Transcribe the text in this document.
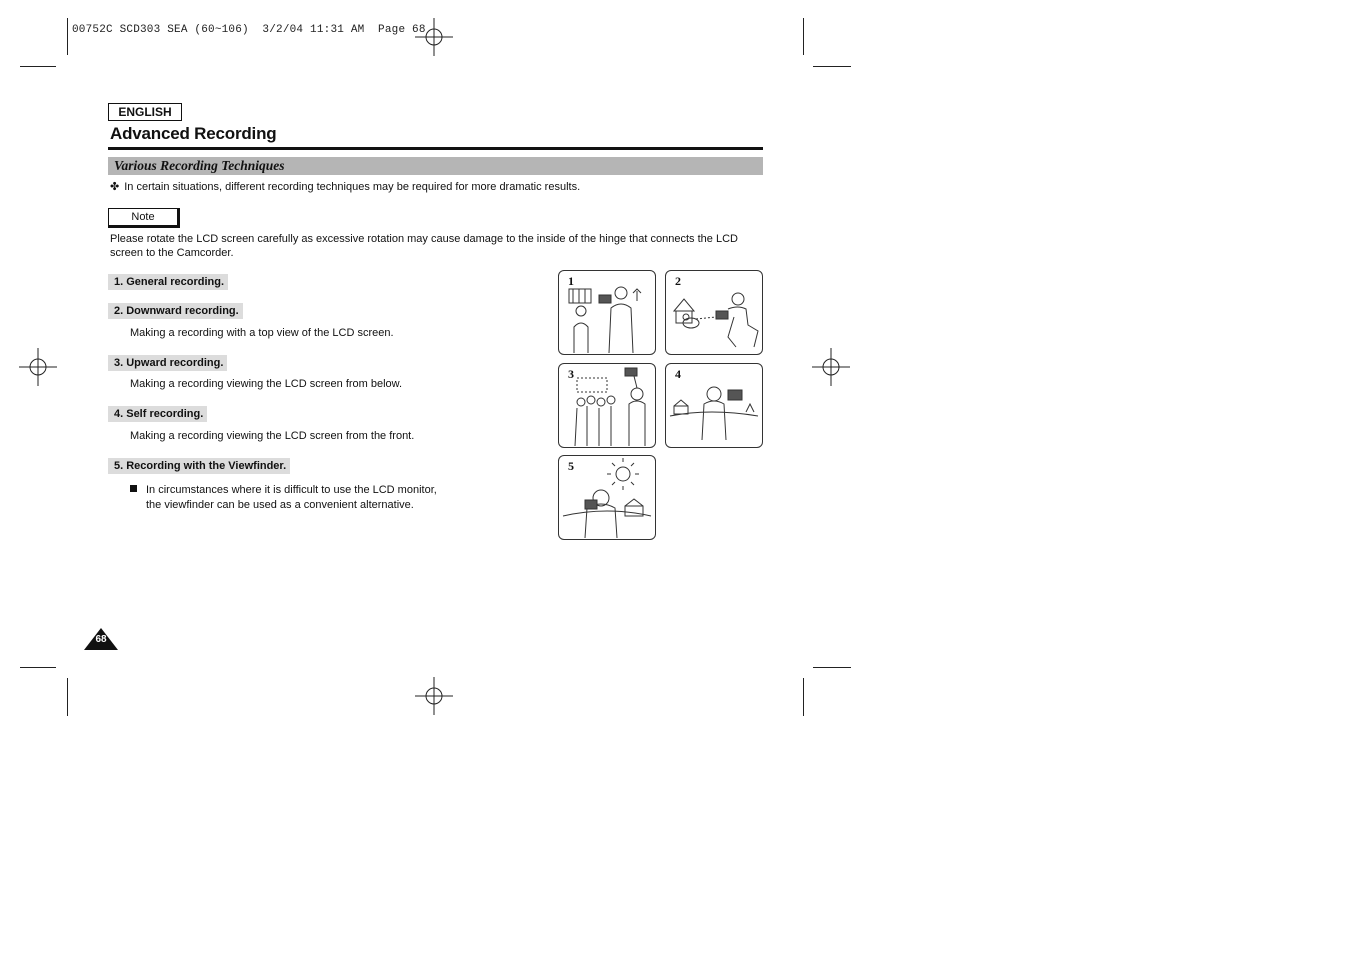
00752C SCD303 SEA (60~106)  3/2/04 11:31 AM  Page 68
ENGLISH
Advanced Recording
Various Recording Techniques
✤ In certain situations, different recording techniques may be required for more dramatic results.
Note
Please rotate the LCD screen carefully as excessive rotation may cause damage to the inside of the hinge that connects the LCD screen to the Camcorder.
1. General recording.
2. Downward recording.
Making a recording with a top view of the LCD screen.
3. Upward recording.
Making a recording viewing the LCD screen from below.
4. Self recording.
Making a recording viewing the LCD screen from the front.
5. Recording with the Viewfinder.
In circumstances where it is difficult to use the LCD monitor,
the viewfinder can be used as a convenient alternative.
1	2
3	4
5
68
